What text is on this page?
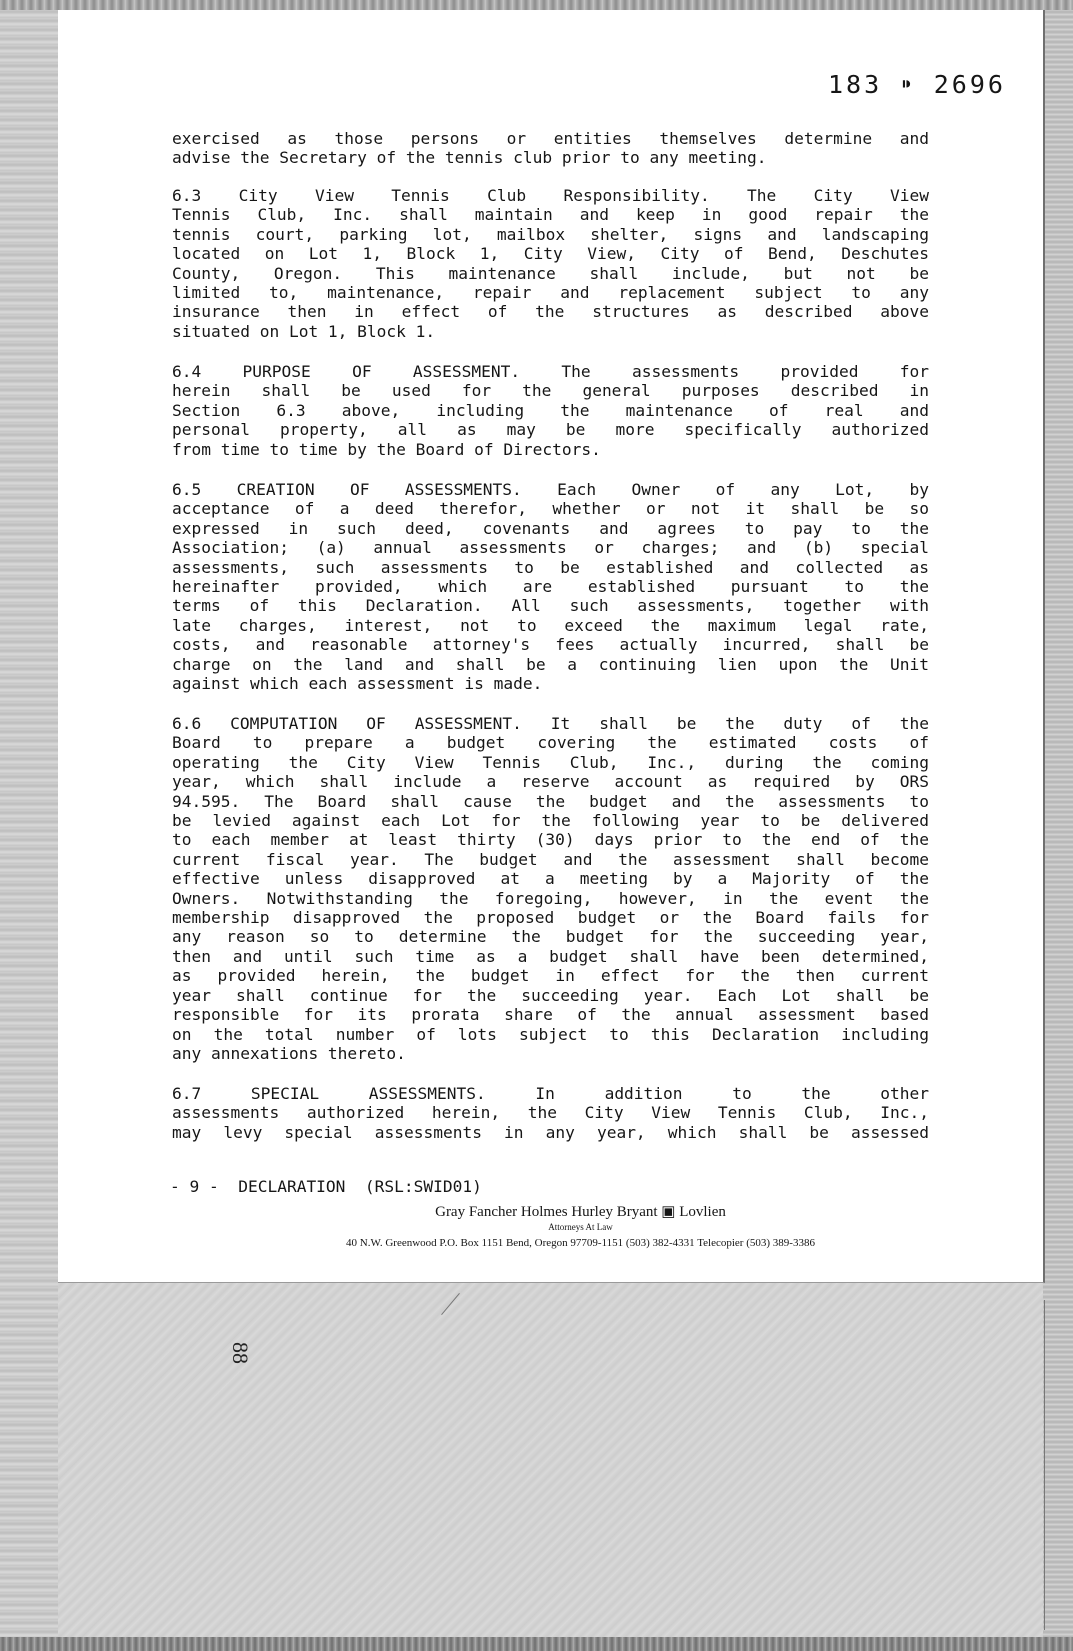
183 ⁍ 2696
exercised as those persons or entities themselves determine and
advise the Secretary of the tennis club prior to any meeting.
6.3 City View Tennis Club Responsibility. The City View
Tennis Club, Inc. shall maintain and keep in good repair the
tennis court, parking lot, mailbox shelter, signs and landscaping
located on Lot 1, Block 1, City View, City of Bend, Deschutes
County, Oregon. This maintenance shall include, but not be
limited to, maintenance, repair and replacement subject to any
insurance then in effect of the structures as described above
situated on Lot 1, Block 1.
6.4 PURPOSE OF ASSESSMENT. The assessments provided for
herein shall be used for the general purposes described in
Section 6.3 above, including the maintenance of real and
personal property, all as may be more specifically authorized
from time to time by the Board of Directors.
6.5 CREATION OF ASSESSMENTS. Each Owner of any Lot, by
acceptance of a deed therefor, whether or not it shall be so
expressed in such deed, covenants and agrees to pay to the
Association; (a) annual assessments or charges; and (b) special
assessments, such assessments to be established and collected as
hereinafter provided, which are established pursuant to the
terms of this Declaration. All such assessments, together with
late charges, interest, not to exceed the maximum legal rate,
costs, and reasonable attorney's fees actually incurred, shall be
charge on the land and shall be a continuing lien upon the Unit
against which each assessment is made.
6.6 COMPUTATION OF ASSESSMENT. It shall be the duty of the
Board to prepare a budget covering the estimated costs of
operating the City View Tennis Club, Inc., during the coming
year, which shall include a reserve account as required by ORS
94.595. The Board shall cause the budget and the assessments to
be levied against each Lot for the following year to be delivered
to each member at least thirty (30) days prior to the end of the
current fiscal year. The budget and the assessment shall become
effective unless disapproved at a meeting by a Majority of the
Owners. Notwithstanding the foregoing, however, in the event the
membership disapproved the proposed budget or the Board fails for
any reason so to determine the budget for the succeeding year,
then and until such time as a budget shall have been determined,
as provided herein, the budget in effect for the then current
year shall continue for the succeeding year. Each Lot shall be
responsible for its prorata share of the annual assessment based
on the total number of lots subject to this Declaration including
any annexations thereto.
6.7 SPECIAL ASSESSMENTS. In addition to the other
assessments authorized herein, the City View Tennis Club, Inc.,
may levy special assessments in any year, which shall be assessed
- 9 -  DECLARATION  (RSL:SWID01)
Gray Fancher Holmes Hurley Bryant ▣ Lovlien
Attorneys At Law
40 N.W. Greenwood P.O. Box 1151 Bend, Oregon 97709-1151 (503) 382-4331 Telecopier (503) 389-3386
88
